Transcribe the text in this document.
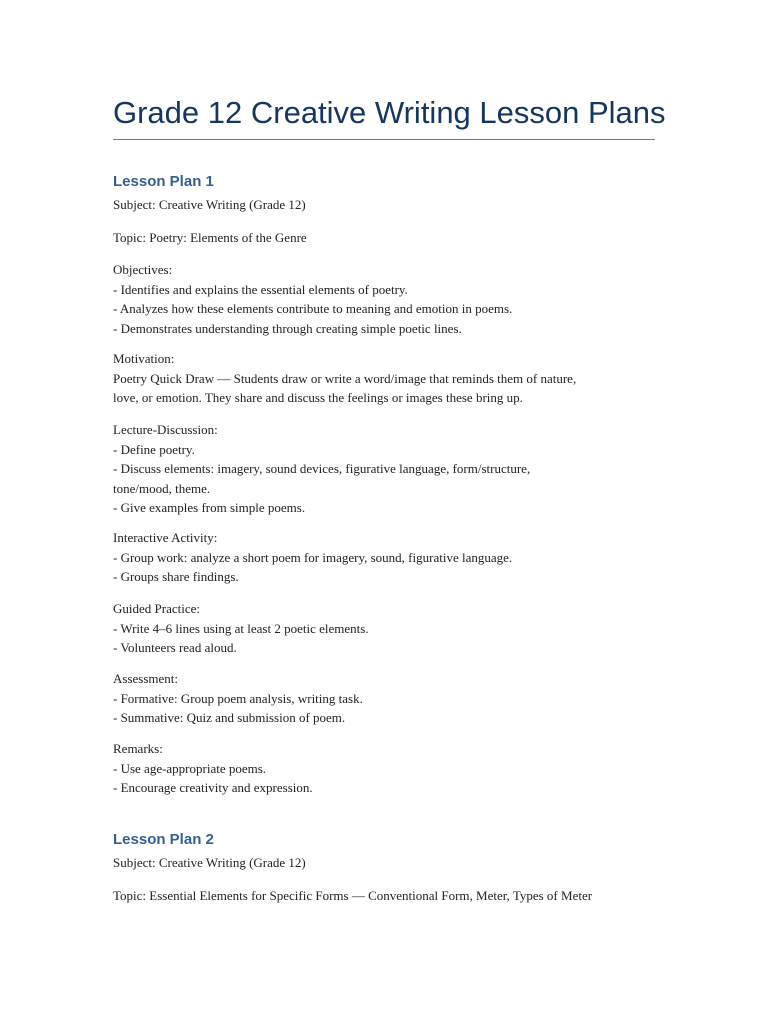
Grade 12 Creative Writing Lesson Plans
Lesson Plan 1
Subject: Creative Writing (Grade 12)
Topic: Poetry: Elements of the Genre
Objectives:
- Identifies and explains the essential elements of poetry.
- Analyzes how these elements contribute to meaning and emotion in poems.
- Demonstrates understanding through creating simple poetic lines.
Motivation:
Poetry Quick Draw — Students draw or write a word/image that reminds them of nature,
love, or emotion. They share and discuss the feelings or images these bring up.
Lecture-Discussion:
- Define poetry.
- Discuss elements: imagery, sound devices, figurative language, form/structure,
tone/mood, theme.
- Give examples from simple poems.
Interactive Activity:
- Group work: analyze a short poem for imagery, sound, figurative language.
- Groups share findings.
Guided Practice:
- Write 4–6 lines using at least 2 poetic elements.
- Volunteers read aloud.
Assessment:
- Formative: Group poem analysis, writing task.
- Summative: Quiz and submission of poem.
Remarks:
- Use age-appropriate poems.
- Encourage creativity and expression.
Lesson Plan 2
Subject: Creative Writing (Grade 12)
Topic: Essential Elements for Specific Forms — Conventional Form, Meter, Types of Meter
